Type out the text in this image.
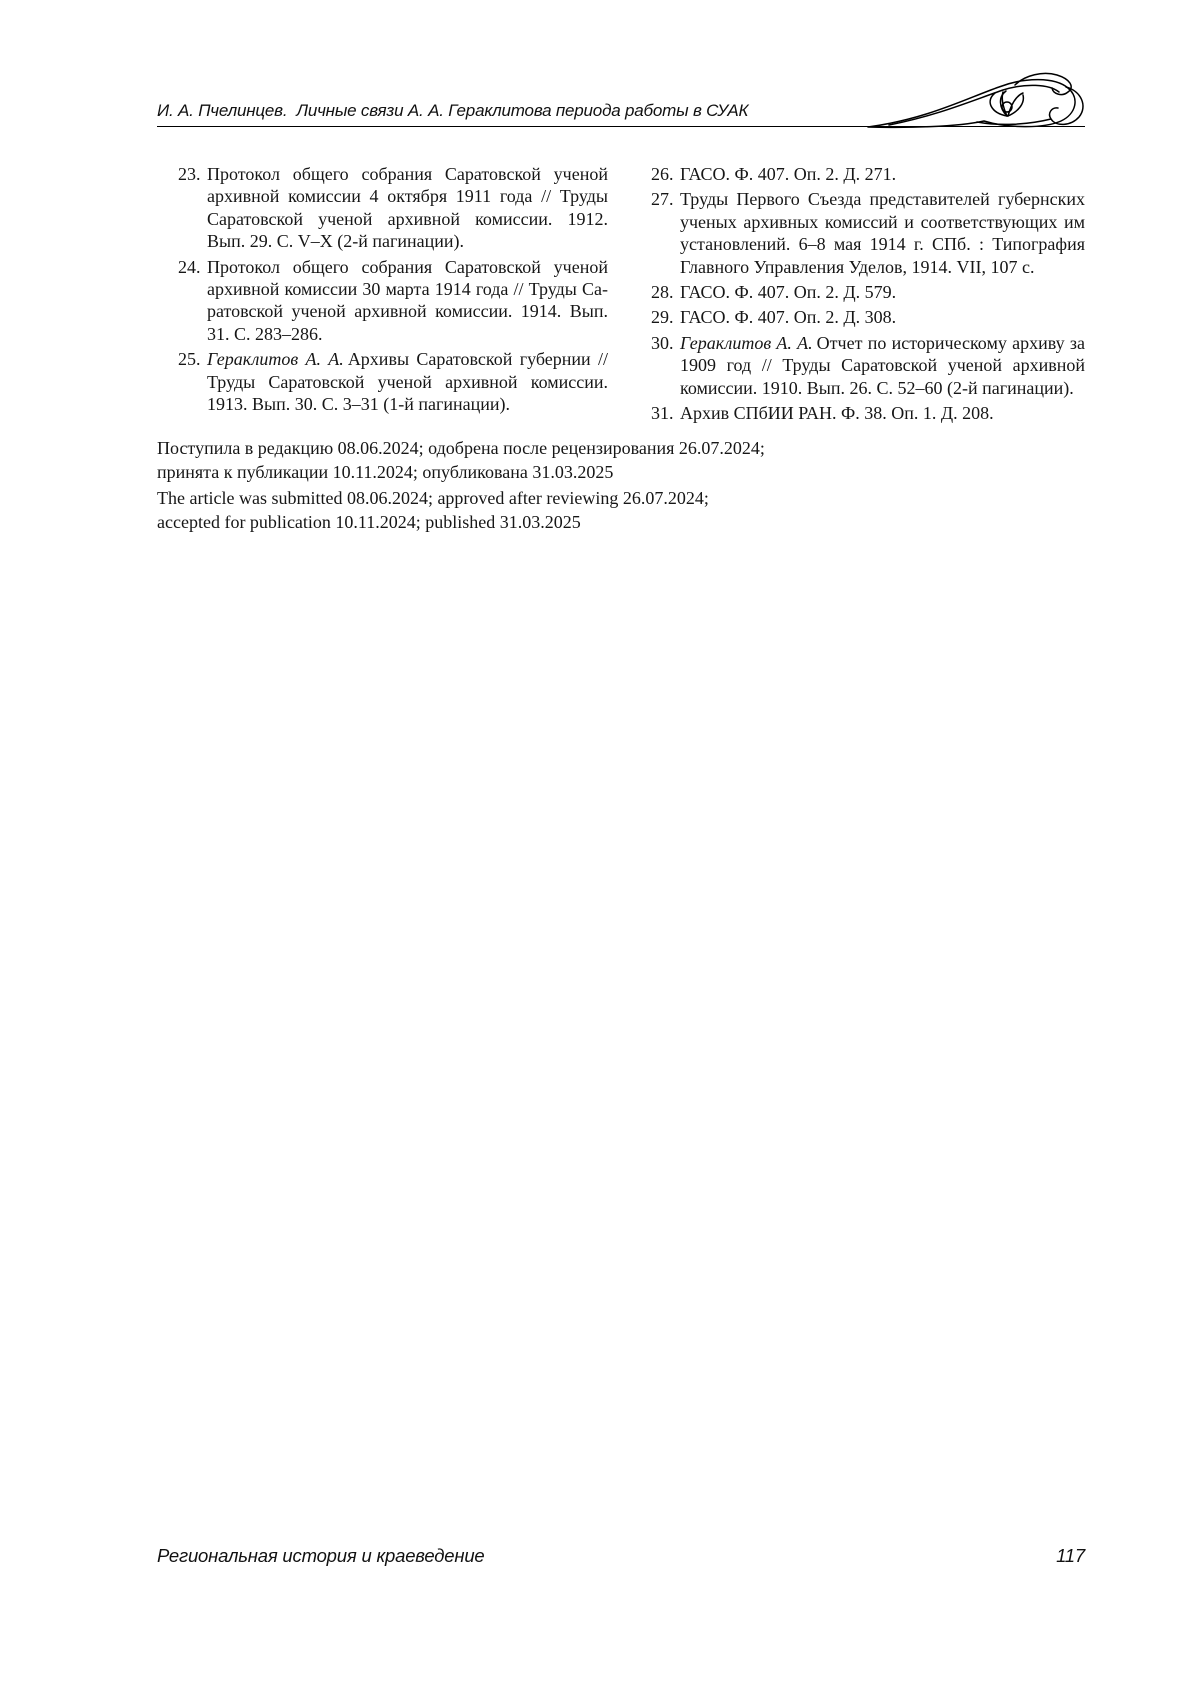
И. А. Пчелинцев. Личные связи А. А. Гераклитова периода работы в СУАК
23. Протокол общего собрания Саратовской ученой архивной комиссии 4 октября 1911 года // Труды Саратовской ученой архивной комиссии. 1912. Вып. 29. С. V–X (2-й пагинации).
24. Протокол общего собрания Саратовской ученой архивной комиссии 30 марта 1914 года // Труды Саратовской ученой архивной комиссии. 1914. Вып. 31. С. 283–286.
25. Гераклитов А. А. Архивы Саратовской губернии // Труды Саратовской ученой архивной комиссии. 1913. Вып. 30. С. 3–31 (1-й пагинации).
26. ГАСО. Ф. 407. Оп. 2. Д. 271.
27. Труды Первого Съезда представителей губернских ученых архивных комиссий и соответствующих им установлений. 6–8 мая 1914 г. СПб. : Типография Главного Управления Уделов, 1914. VII, 107 с.
28. ГАСО. Ф. 407. Оп. 2. Д. 579.
29. ГАСО. Ф. 407. Оп. 2. Д. 308.
30. Гераклитов А. А. Отчет по историческому архиву за 1909 год // Труды Саратовской ученой архивной комиссии. 1910. Вып. 26. С. 52–60 (2-й пагинации).
31. Архив СПбИИ РАН. Ф. 38. Оп. 1. Д. 208.
Поступила в редакцию 08.06.2024; одобрена после рецензирования 26.07.2024;
принята к публикации 10.11.2024; опубликована 31.03.2025
The article was submitted 08.06.2024; approved after reviewing 26.07.2024;
accepted for publication 10.11.2024; published 31.03.2025
Региональная история и краеведение	117
